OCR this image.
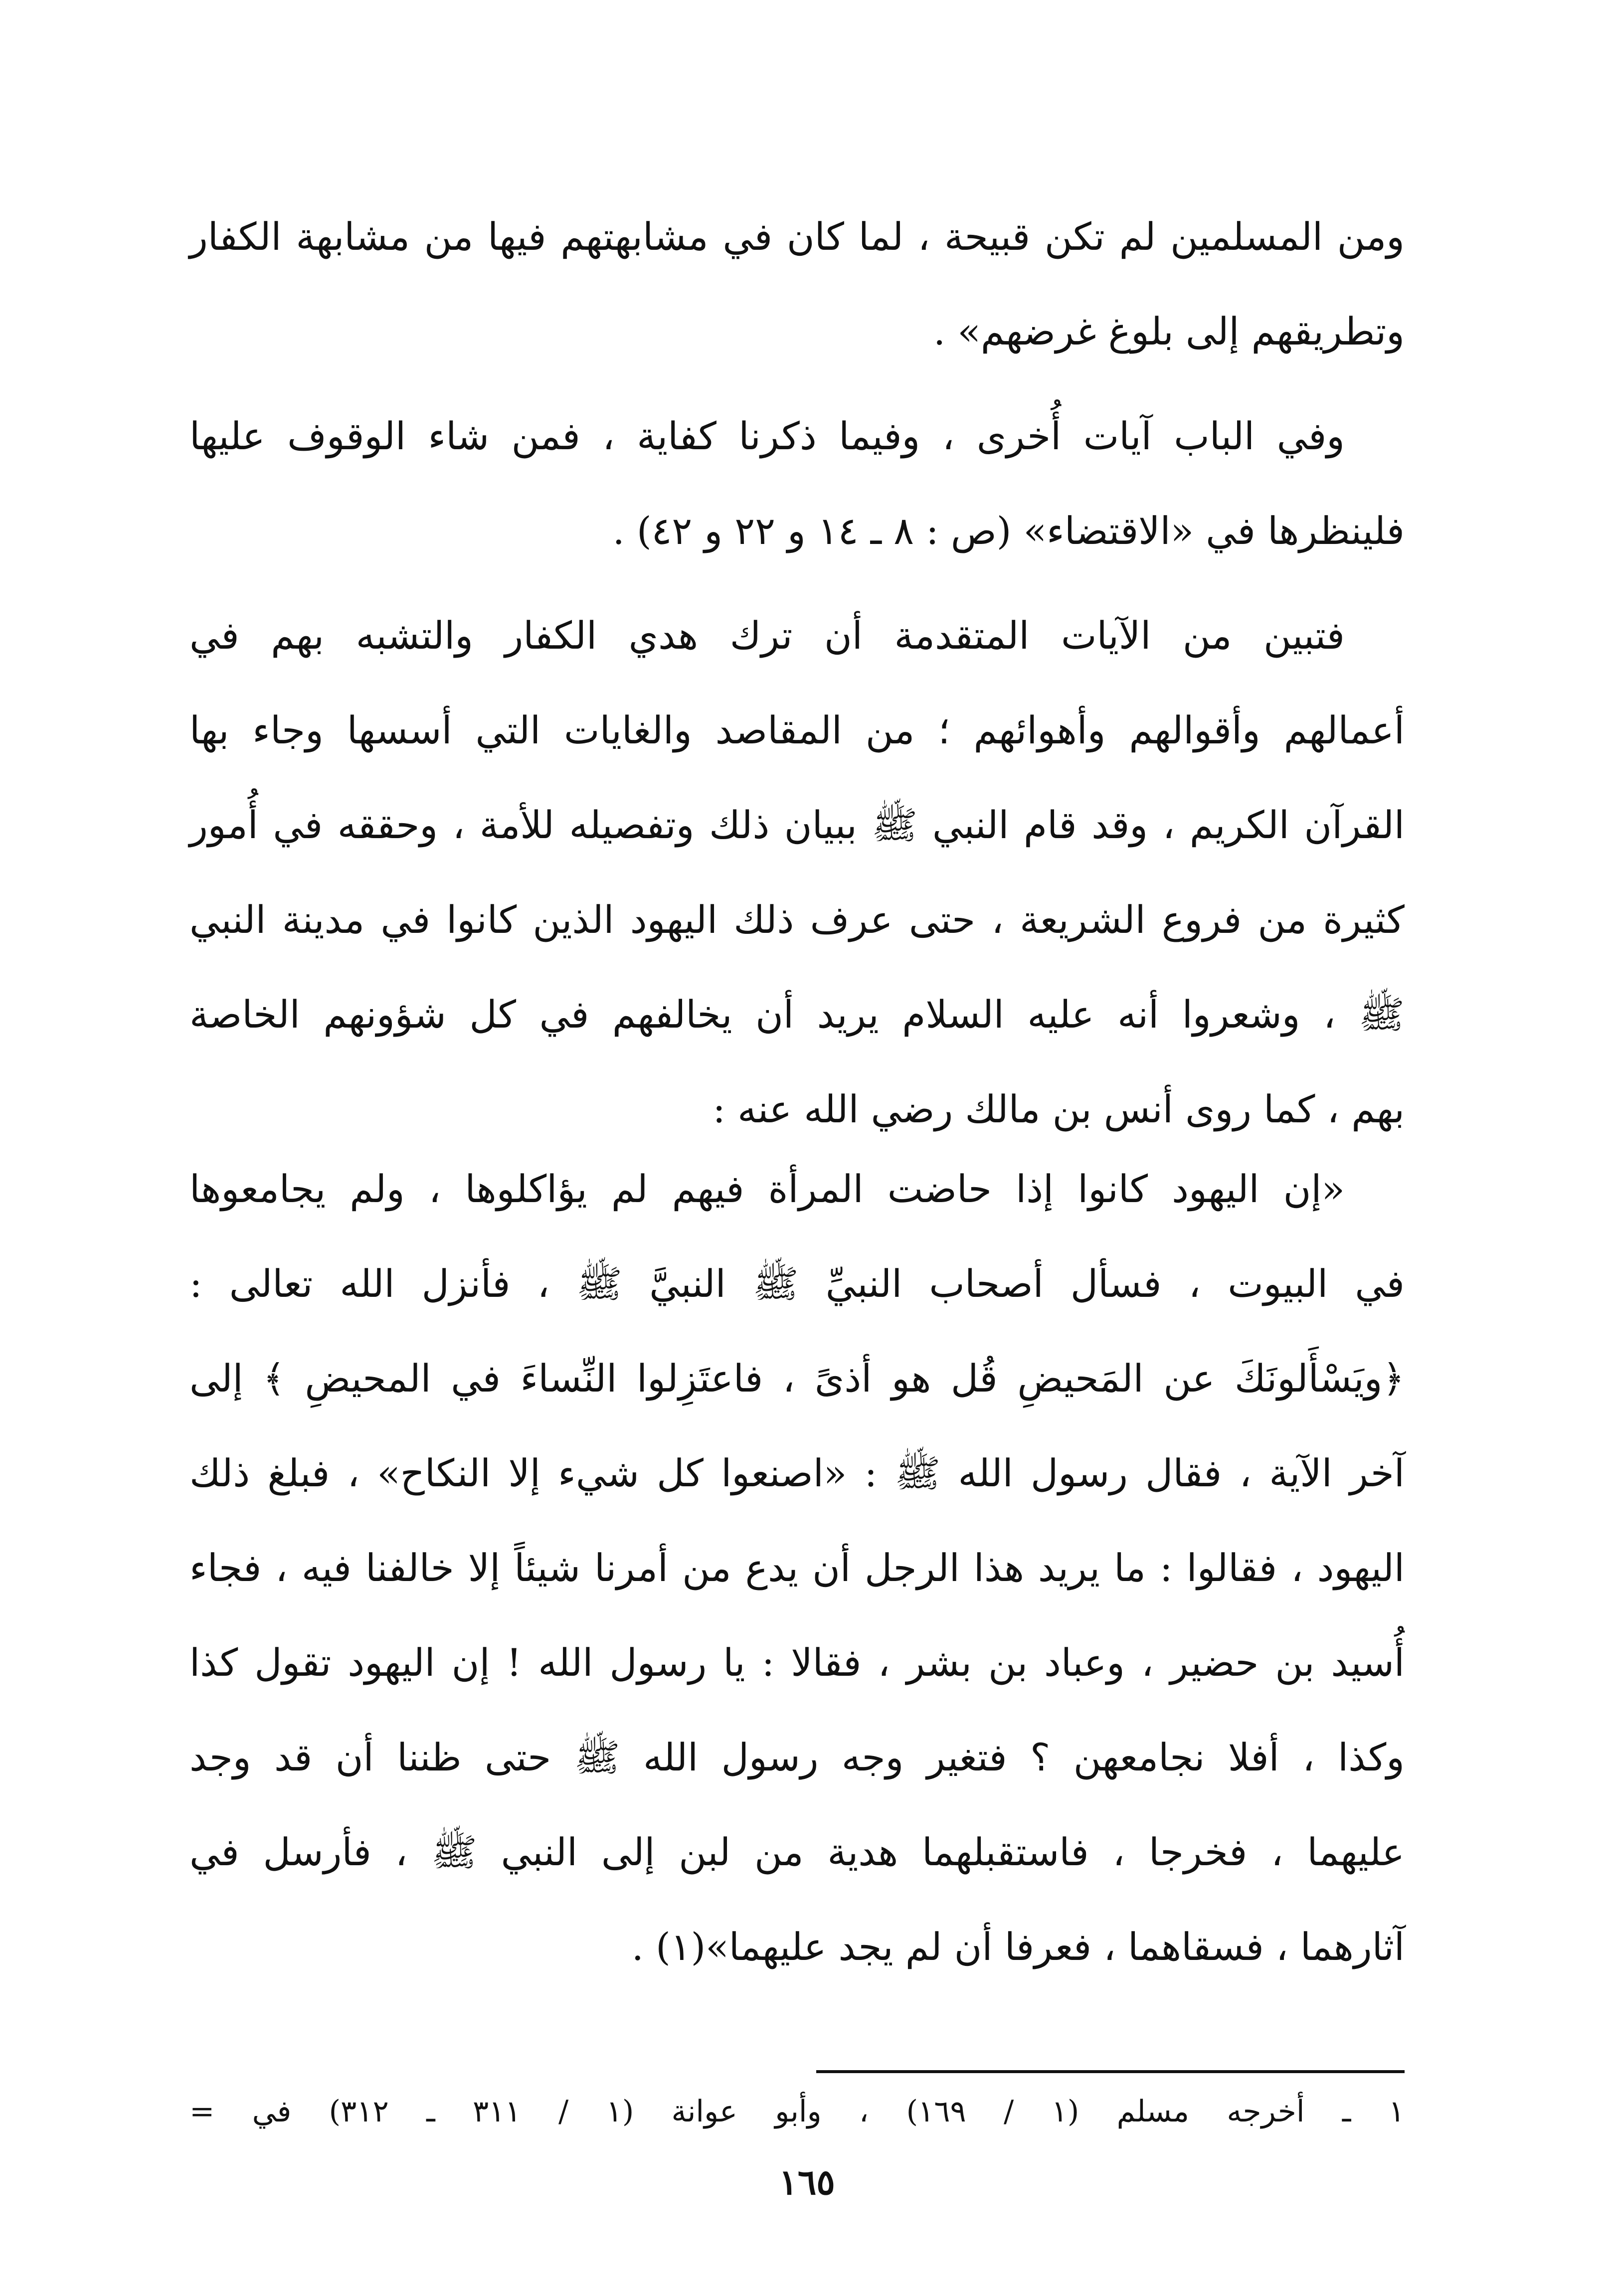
ومن المسلمين لم تكن قبيحة ، لما كان في مشابهتهم فيها من مشابهة الكفار
وتطريقهم إلى بلوغ غرضهم» .

وفي الباب آيات أُخرى ، وفيما ذكرنا كفاية ، فمن شاء الوقوف عليها
فلينظرها في «الاقتضاء» (ص : ٨ ـ ١٤ و ٢٢ و ٤٢) .

فتبين من الآيات المتقدمة أن ترك هدي الكفار والتشبه بهم في
أعمالهم وأقوالهم وأهوائهم ؛ من المقاصد والغايات التي أسسها وجاء بها
القرآن الكريم ، وقد قام النبي ﷺ ببيان ذلك وتفصيله للأمة ، وحققه في أُمور
كثيرة من فروع الشريعة ، حتى عرف ذلك اليهود الذين كانوا في مدينة النبي
ﷺ ، وشعروا أنه عليه السلام يريد أن يخالفهم في كل شؤونهم الخاصة
بهم ، كما روى أنس بن مالك رضي الله عنه :

«إن اليهود كانوا إذا حاضت المرأة فيهم لم يؤاكلوها ، ولم يجامعوها
في البيوت ، فسأل أصحاب النبيِّ ﷺ النبيَّ ﷺ ، فأنزل الله تعالى :
﴿ويَسْأَلونَكَ عن المَحيضِ قُل هو أذىً ، فاعتَزِلوا النِّساءَ في المحيضِ ﴾ إلى
آخر الآية ، فقال رسول الله ﷺ : «اصنعوا كل شيء إلا النكاح» ، فبلغ ذلك
اليهود ، فقالوا : ما يريد هذا الرجل أن يدع من أمرنا شيئاً إلا خالفنا فيه ، فجاء
أُسيد بن حضير ، وعباد بن بشر ، فقالا : يا رسول الله ! إن اليهود تقول كذا
وكذا ، أفلا نجامعهن ؟ فتغير وجه رسول الله ﷺ حتى ظننا أن قد وجد
عليهما ، فخرجا ، فاستقبلهما هدية من لبن إلى النبي ﷺ ، فأرسل في
آثارهما ، فسقاهما ، فعرفا أن لم يجد عليهما»(١) .

١ ـ أخرجه مسلم (١ / ١٦٩) ، وأبو عوانة (١ / ٣١١ ـ ٣١٢) في =

١٦٥
